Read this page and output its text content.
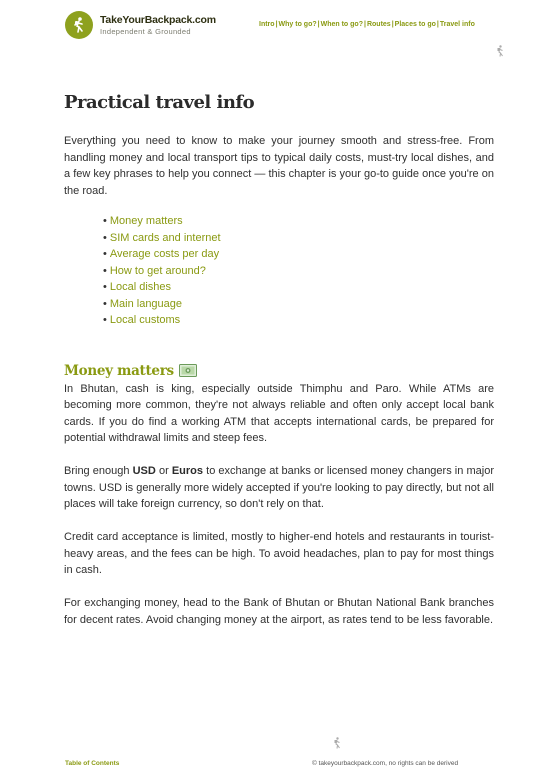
TakeYourBackpack.com
Independent & Grounded
Intro | Why to go? | When to go? | Routes | Places to go | Travel info
Practical travel info

Everything you need to know to make your journey smooth and stress-free. From handling money and local transport tips to typical daily costs, must-try local dishes, and a few key phrases to help you connect — this chapter is your go-to guide once you're on the road.

• Money matters
• SIM cards and internet
• Average costs per day
• How to get around?
• Local dishes
• Main language
• Local customs
Money matters

In Bhutan, cash is king, especially outside Thimphu and Paro. While ATMs are becoming more common, they're not always reliable and often only accept local bank cards. If you do find a working ATM that accepts international cards, be prepared for potential withdrawal limits and steep fees.

Bring enough USD or Euros to exchange at banks or licensed money changers in major towns. USD is generally more widely accepted if you're looking to pay directly, but not all places will take foreign currency, so don't rely on that.

Credit card acceptance is limited, mostly to higher-end hotels and restaurants in tourist-heavy areas, and the fees can be high. To avoid headaches, plan to pay for most things in cash.

For exchanging money, head to the Bank of Bhutan or Bhutan National Bank branches for decent rates. Avoid changing money at the airport, as rates tend to be less favorable.

Table of Contents	© takeyourbackpack.com, no rights can be derived
